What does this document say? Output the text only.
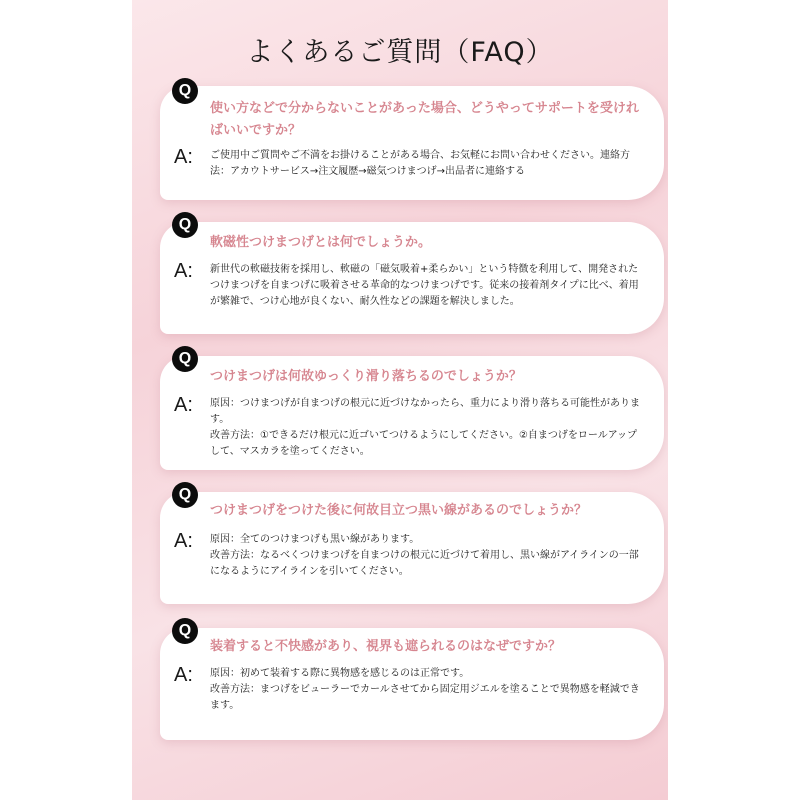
よくあるご質問（FAQ）
使い方などで分からないことがあった場合、どうやってサポートを受ければいいですか？
A: ご使用中ご質問やご不満をお掛けることがある場合、お気軽にお問い合わせください。連絡方法：アカウトサービス→注文履歴→磁気つけまつげ→出品者に連絡する

Q
軟磁性つけまつげとは何でしょうか。
A: 新世代の軟磁技術を採用し、軟磁の「磁気吸着+柔らかい」という特徴を利用して、開発されたつけまつげを自まつげに吸着させる革命的なつけまつげです。従来の接着剤タイプに比べ、着用が繁雑で、つけ心地が良くない、耐久性などの課題を解決しました。

Q
つけまつげは何故ゆっくり滑り落ちるのでしょうか？
A: 原因：つけまつげが自まつげの根元に近づけなかったら、重力により滑り落ちる可能性があります。

改善方法：①できるだけ根元に近ゴいてつけるようにしてください。②自まつげをロールアップして、マスカラを塗ってください。

Q
つけまつげをつけた後に何故目立つ黒い線があるのでしょうか？
A: 原因：全てのつけまつげも黒い線があります。

改善方法：なるべくつけまつげを自まつけの根元に近づけて着用し、黒い線がアイラインの一部になるようにアイラインを引いてください。

Q
装着すると不快感があり、視界も遮られるのはなぜですか？
A: 原因：初めて装着する際に異物感を感じるのは正常です。

改善方法：まつげをビューラーでカールさせてから固定用ジエルを塗ることで異物感を軽減できます。

Q
